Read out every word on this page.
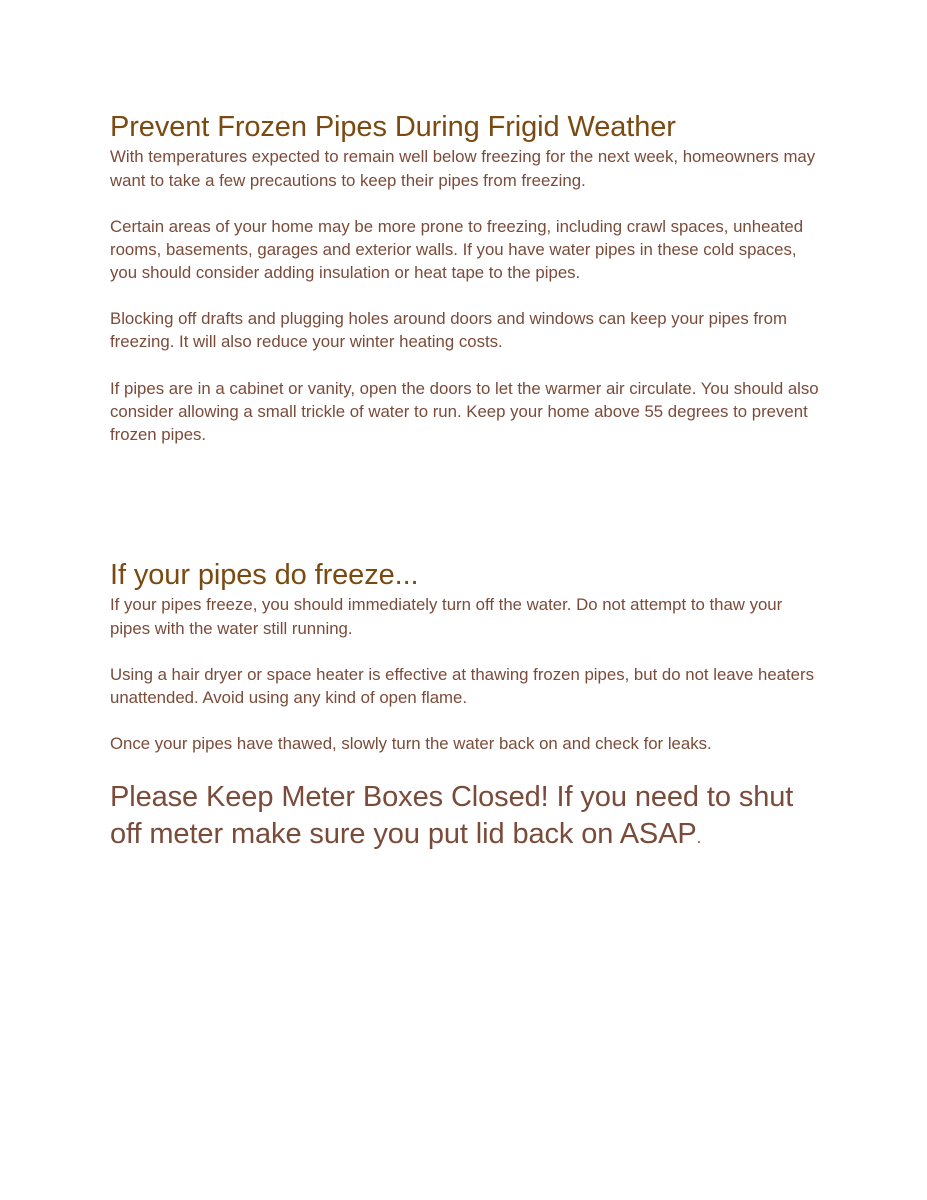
Prevent Frozen Pipes During Frigid Weather

With temperatures expected to remain well below freezing for the next week, homeowners may want to take a few precautions to keep their pipes from freezing.

Certain areas of your home may be more prone to freezing, including crawl spaces, unheated rooms, basements, garages and exterior walls. If you have water pipes in these cold spaces, you should consider adding insulation or heat tape to the pipes.

Blocking off drafts and plugging holes around doors and windows can keep your pipes from freezing. It will also reduce your winter heating costs.

If pipes are in a cabinet or vanity, open the doors to let the warmer air circulate. You should also consider allowing a small trickle of water to run. Keep your home above 55 degrees to prevent frozen pipes.

If your pipes do freeze...

If your pipes freeze, you should immediately turn off the water. Do not attempt to thaw your pipes with the water still running.

Using a hair dryer or space heater is effective at thawing frozen pipes, but do not leave heaters unattended. Avoid using any kind of open flame.

Once your pipes have thawed, slowly turn the water back on and check for leaks.

Please Keep Meter Boxes Closed! If you need to shut off meter make sure you put lid back on ASAP.
